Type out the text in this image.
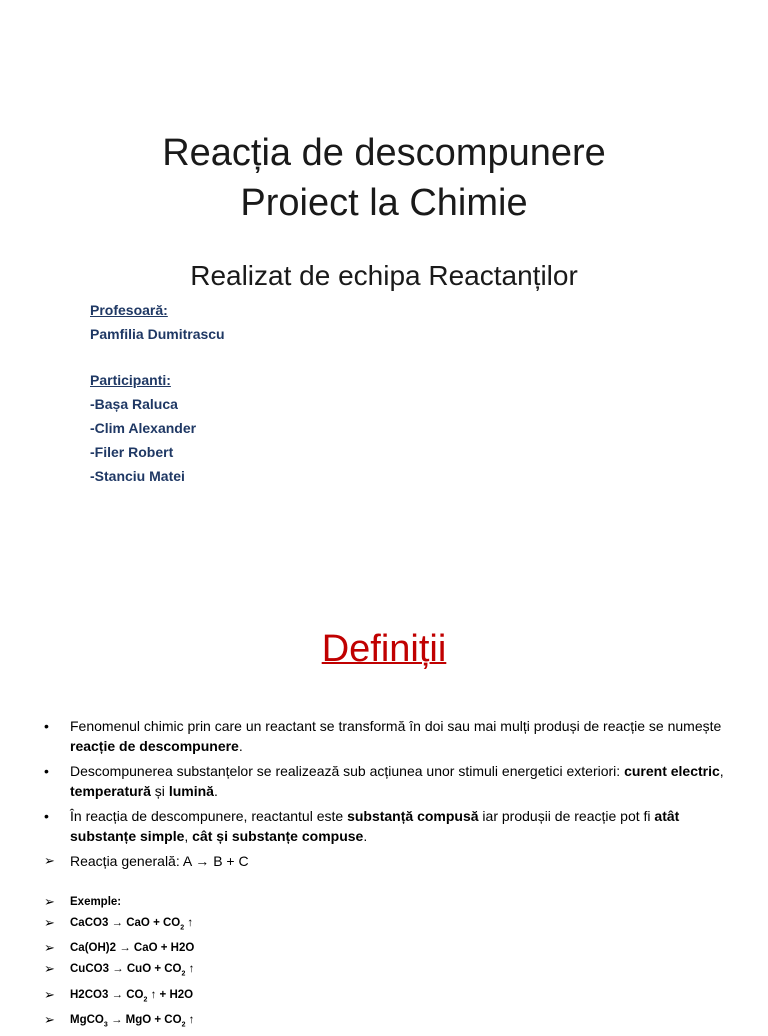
Reacția de descompunere
Proiect la Chimie
Realizat de echipa Reactanților
Profesoară:
Pamfilia Dumitrascu
Participanti:
-Bașa Raluca
-Clim Alexander
-Filer Robert
-Stanciu Matei
Definiții
• Fenomenul chimic prin care un reactant se transformă în doi sau mai mulți produși de reacție se numește reacție de descompunere.
• Descompunerea substanțelor se realizează sub acțiunea unor stimuli energetici exteriori: curent electric, temperatură și lumină.
• În reacția de descompunere, reactantul este substanță compusă iar produșii de reacție pot fi atât substanțe simple, cât și substanțe compuse.
➢ Reacția generală: A → B + C
➢ Exemple:
➢ CaCO3 → CaO + $CO_2$ ↑
➢ Ca(OH)2 → CaO + H2O
➢ CuCO3 → CuO + $CO_2$ ↑
➢ $H2CO3 \to CO_2$ ↑ + H2O
➢ MgCO$_3$ → MgO + $CO_2$ ↑
